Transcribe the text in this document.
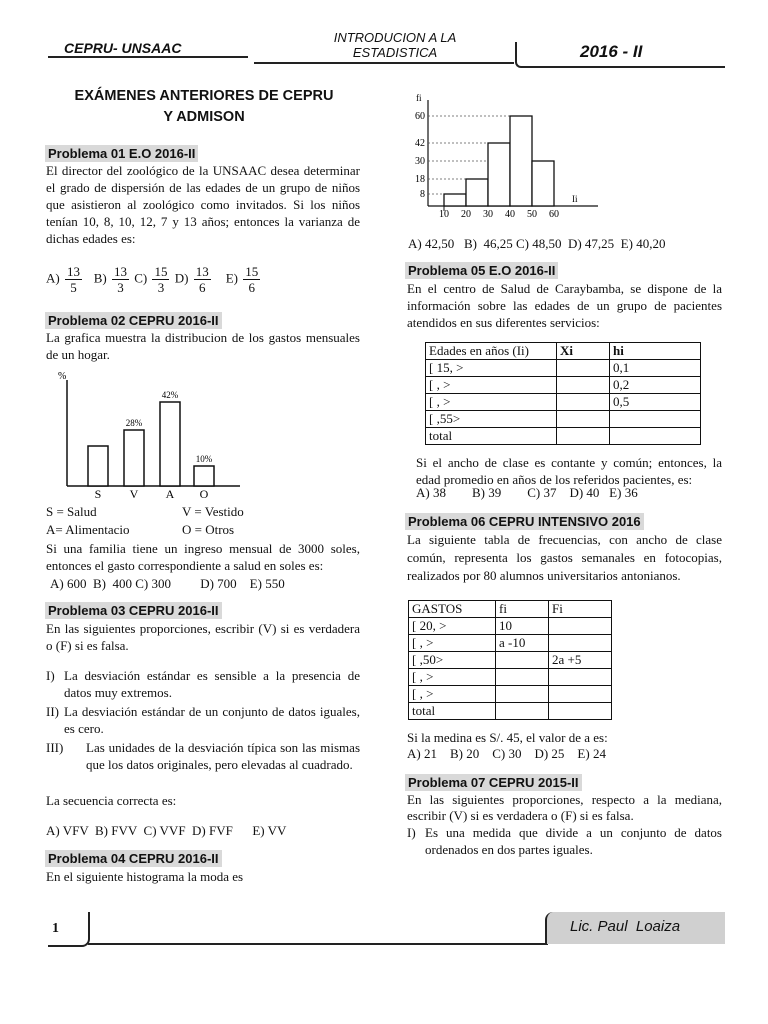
CEPRU- UNSAAC
INTRODUCION A LA
ESTADISTICA	2016 - II
EXÁMENES ANTERIORES DE CEPRU
Y ADMISON
Problema 01 E.O 2016-II
El director del zoológico de la UNSAAC desea determinar el grado de dispersión de las edades de un grupo de niños que asistieron al zoológico como invitados. Si los niños tenían 10, 8, 10, 12, 7 y 13 años; entonces la varianza de dichas edades es:
$A) \frac{13}{5} B) \frac{13}{3} C) \frac{15}{3} D) \frac{13}{6} E) \frac{15}{6}$
Problema 02 CEPRU 2016-II
La grafica muestra la distribucion de los gastos mensuales de un hogar.
%
S V
28%
A
42%
O
10%
S = Salud	V = Vestido
A= Alimentacio	O = Otros
Si una familia tiene un ingreso mensual de 3000 soles, entonces el gasto correspondiente a salud en soles es:
A) 600  B)  400 C) 300         D) 700    E) 550
Problema 03 CEPRU 2016-II
En las siguientes proporciones, escribir (V) si es verdadera o (F) si es falsa.
I) La desviación estándar es sensible a la presencia de datos muy extremos.
II) La desviación estándar de un conjunto de datos iguales, es cero.
III) Las unidades de la desviación típica son las mismas que los datos originales, pero elevadas al cuadrado.
La secuencia correcta es:
A) VFV  B) FVV  C) VVF  D) FVF      E) VV
Problema 04 CEPRU 2016-II
En el siguiente histograma la moda es
fi
Ii
8
18
30
42
60
10 20 30 40 50 60
A) 42,50   B)  46,25 C) 48,50  D) 47,25  E) 40,20
Problema 05 E.O 2016-II
En el centro de Salud de Caraybamba, se dispone de la información sobre las edades de un grupo de pacientes atendidos en sus diferentes servicios:
Edades en años (Ii)	Xi	hi
[ 15, >		0,1
[ , >		0,2
[ , >		0,5
[ ,55>		
total		
Si el ancho de clase es contante y común; entonces, la edad promedio en años de los referidos pacientes, es:
A) 38        B) 39        C) 37    D) 40   E) 36
Problema 06 CEPRU INTENSIVO 2016
La siguiente tabla de frecuencias, con ancho de clase común, representa los gastos semanales en fotocopias, realizados por 80 alumnos universitarios antonianos.
GASTOS	fi	Fi
[ 20, >	10	
[ , >	a -10	
[ ,50>		2a +5
[ , >		
[ , >		
total		
Si la medina es S/. 45, el valor de a es:
A) 21    B) 20    C) 30    D) 25    E) 24
Problema 07 CEPRU 2015-II
En las siguientes proporciones, respecto a la mediana, escribir (V) si es verdadera o (F) si es falsa.
I) Es una medida que divide a un conjunto de datos ordenados en dos partes iguales.
1	Lic. Paul  Loaiza
